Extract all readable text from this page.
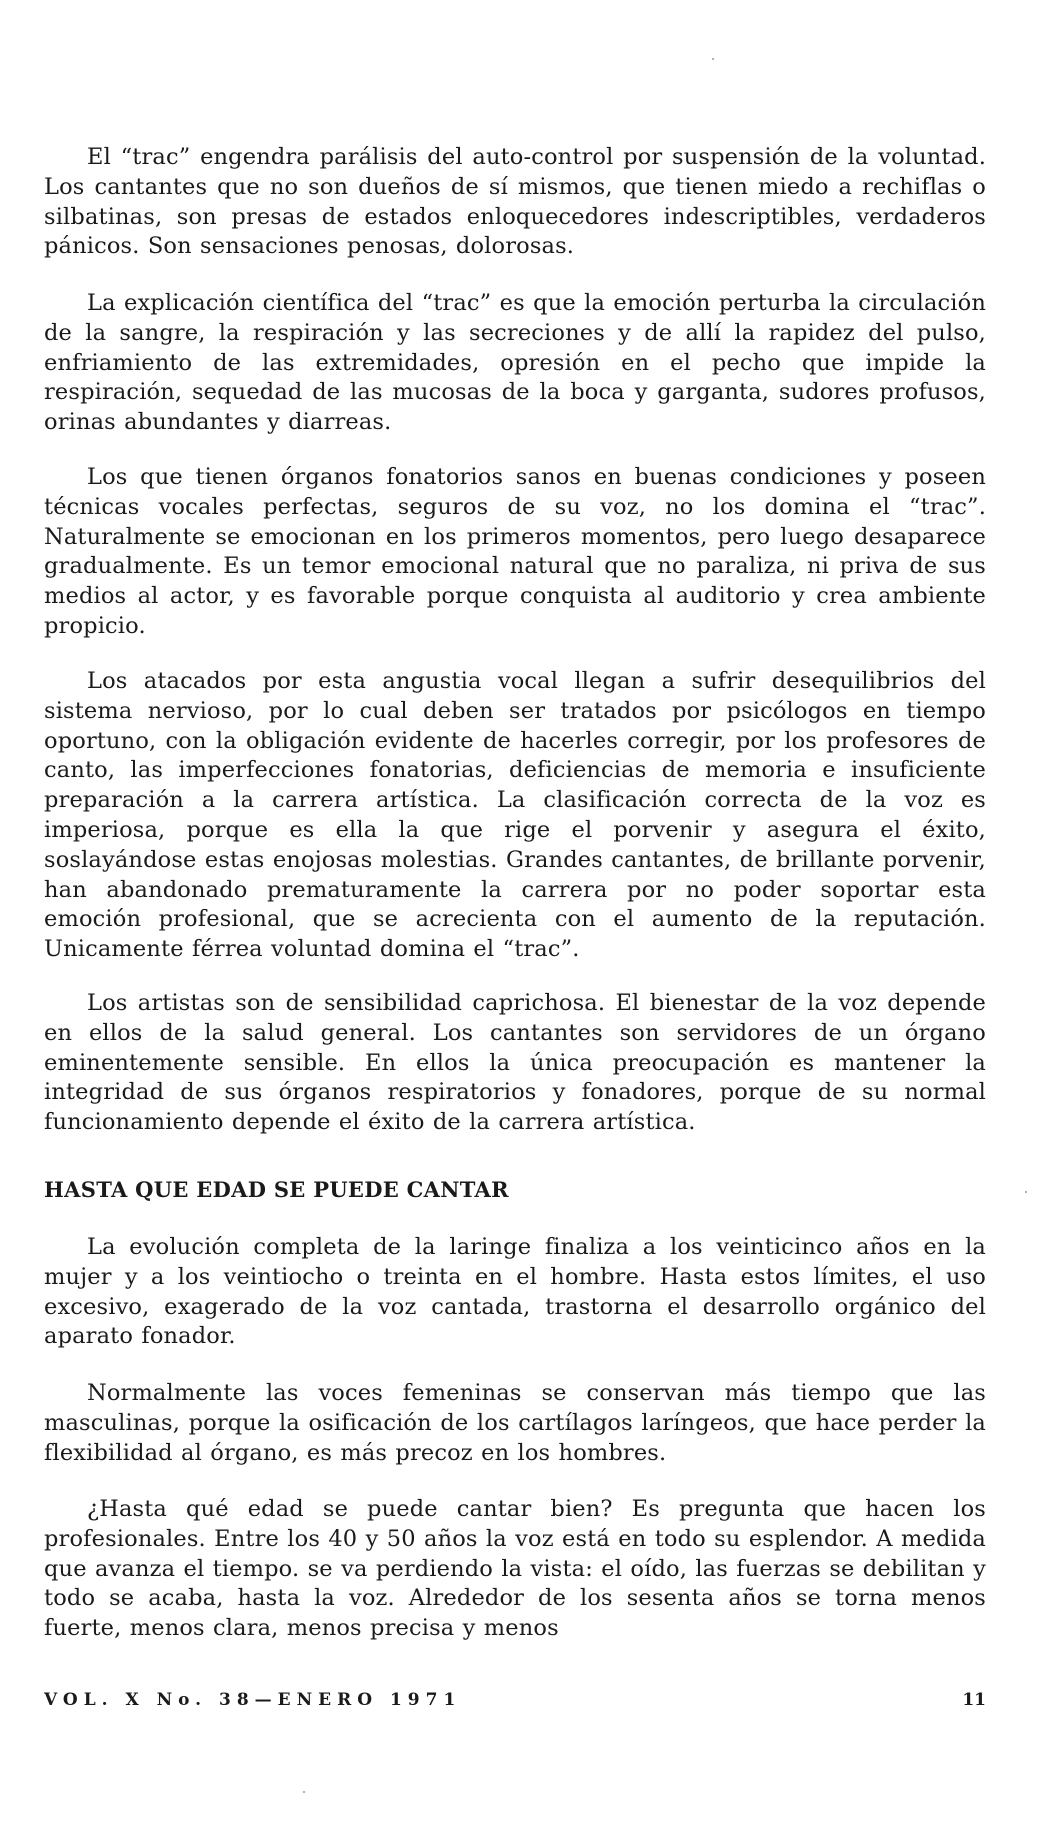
El “trac” engendra parálisis del auto-control por suspensión de la voluntad. Los cantantes que no son dueños de sí mismos, que tienen miedo a rechiflas o silbatinas, son presas de estados enloquecedores indescriptibles, verdaderos pánicos. Son sensaciones penosas, dolorosas.

La explicación científica del “trac” es que la emoción perturba la circulación de la sangre, la respiración y las secreciones y de allí la rapidez del pulso, enfriamiento de las extremidades, opresión en el pecho que impide la respiración, sequedad de las mucosas de la boca y garganta, sudores profusos, orinas abundantes y diarreas.

Los que tienen órganos fonatorios sanos en buenas condiciones y poseen técnicas vocales perfectas, seguros de su voz, no los domina el “trac”. Naturalmente se emocionan en los primeros momentos, pero luego desaparece gradualmente. Es un temor emocional natural que no paraliza, ni priva de sus medios al actor, y es favorable porque conquista al auditorio y crea ambiente propicio.

Los atacados por esta angustia vocal llegan a sufrir desequilibrios del sistema nervioso, por lo cual deben ser tratados por psicólogos en tiempo oportuno, con la obligación evidente de hacerles corregir, por los profesores de canto, las imperfecciones fonatorias, deficiencias de memoria e insuficiente preparación a la carrera artística. La clasificación correcta de la voz es imperiosa, porque es ella la que rige el porvenir y asegura el éxito, soslayándose estas enojosas molestias. Grandes cantantes, de brillante porvenir, han abandonado prematuramente la carrera por no poder soportar esta emoción profesional, que se acrecienta con el aumento de la reputación. Unicamente férrea voluntad domina el “trac”.

Los artistas son de sensibilidad caprichosa. El bienestar de la voz depende en ellos de la salud general. Los cantantes son servidores de un órgano eminentemente sensible. En ellos la única preocupación es mantener la integridad de sus órganos respiratorios y fonadores, porque de su normal funcionamiento depende el éxito de la carrera artística.

HASTA QUE EDAD SE PUEDE CANTAR

La evolución completa de la laringe finaliza a los veinticinco años en la mujer y a los veintiocho o treinta en el hombre. Hasta estos límites, el uso excesivo, exagerado de la voz cantada, trastorna el desarrollo orgánico del aparato fonador.

Normalmente las voces femeninas se conservan más tiempo que las masculinas, porque la osificación de los cartílagos laríngeos, que hace perder la flexibilidad al órgano, es más precoz en los hombres.

¿Hasta qué edad se puede cantar bien? Es pregunta que hacen los profesionales. Entre los 40 y 50 años la voz está en todo su esplendor. A medida que avanza el tiempo. se va perdiendo la vista: el oído, las fuerzas se debilitan y todo se acaba, hasta la voz. Alrededor de los sesenta años se torna menos fuerte, menos clara, menos precisa y menos

VOL. X No. 38—ENERO 1971	11
